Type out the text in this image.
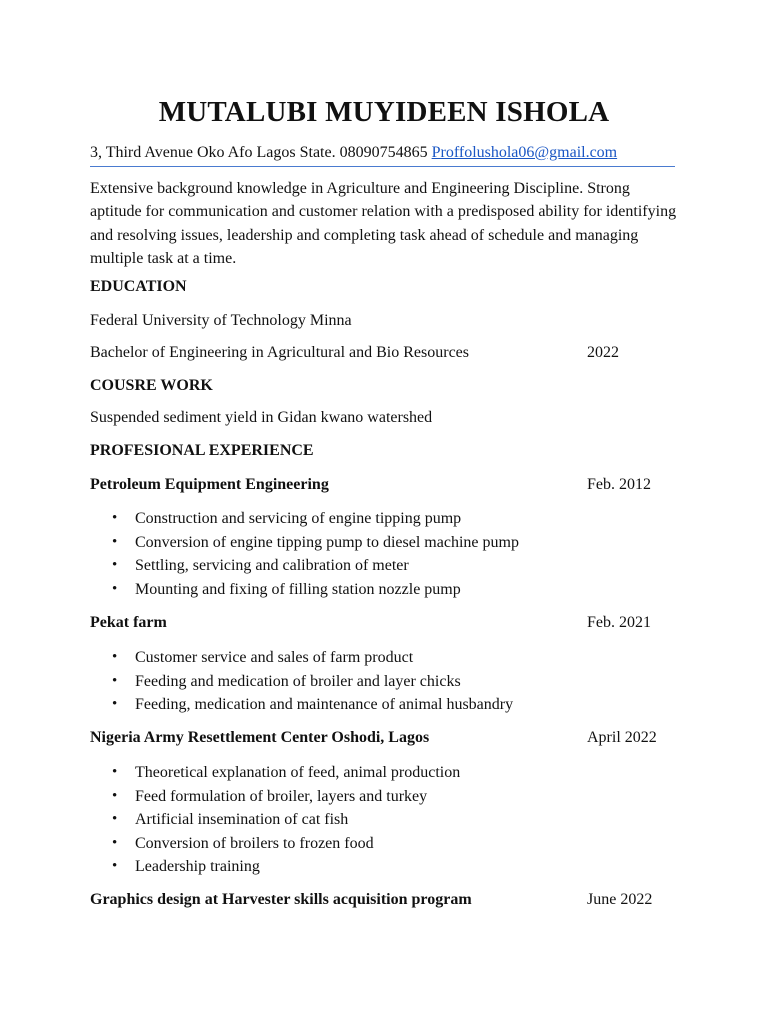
MUTALUBI MUYIDEEN ISHOLA
3, Third Avenue Oko Afo Lagos State. 08090754865 Proffolushola06@gmail.com
Extensive background knowledge in Agriculture and Engineering Discipline. Strong aptitude for communication and customer relation with a predisposed ability for identifying and resolving issues, leadership and completing task ahead of schedule and managing multiple task at a time.
EDUCATION
Federal University of Technology Minna
Bachelor of Engineering in Agricultural and Bio Resources	2022
COUSRE WORK
Suspended sediment yield in Gidan kwano watershed
PROFESIONAL EXPERIENCE
Petroleum Equipment Engineering	Feb. 2012
• Construction and servicing of engine tipping pump
• Conversion of engine tipping pump to diesel machine pump
• Settling, servicing and calibration of meter
• Mounting and fixing of filling station nozzle pump
Pekat farm	Feb. 2021
• Customer service and sales of farm product
• Feeding and medication of broiler and layer chicks
• Feeding, medication and maintenance of animal husbandry
Nigeria Army Resettlement Center Oshodi, Lagos	April 2022
• Theoretical explanation of feed, animal production
• Feed formulation of broiler, layers and turkey
• Artificial insemination of cat fish
• Conversion of broilers to frozen food
• Leadership training
Graphics design at Harvester skills acquisition program	June 2022
